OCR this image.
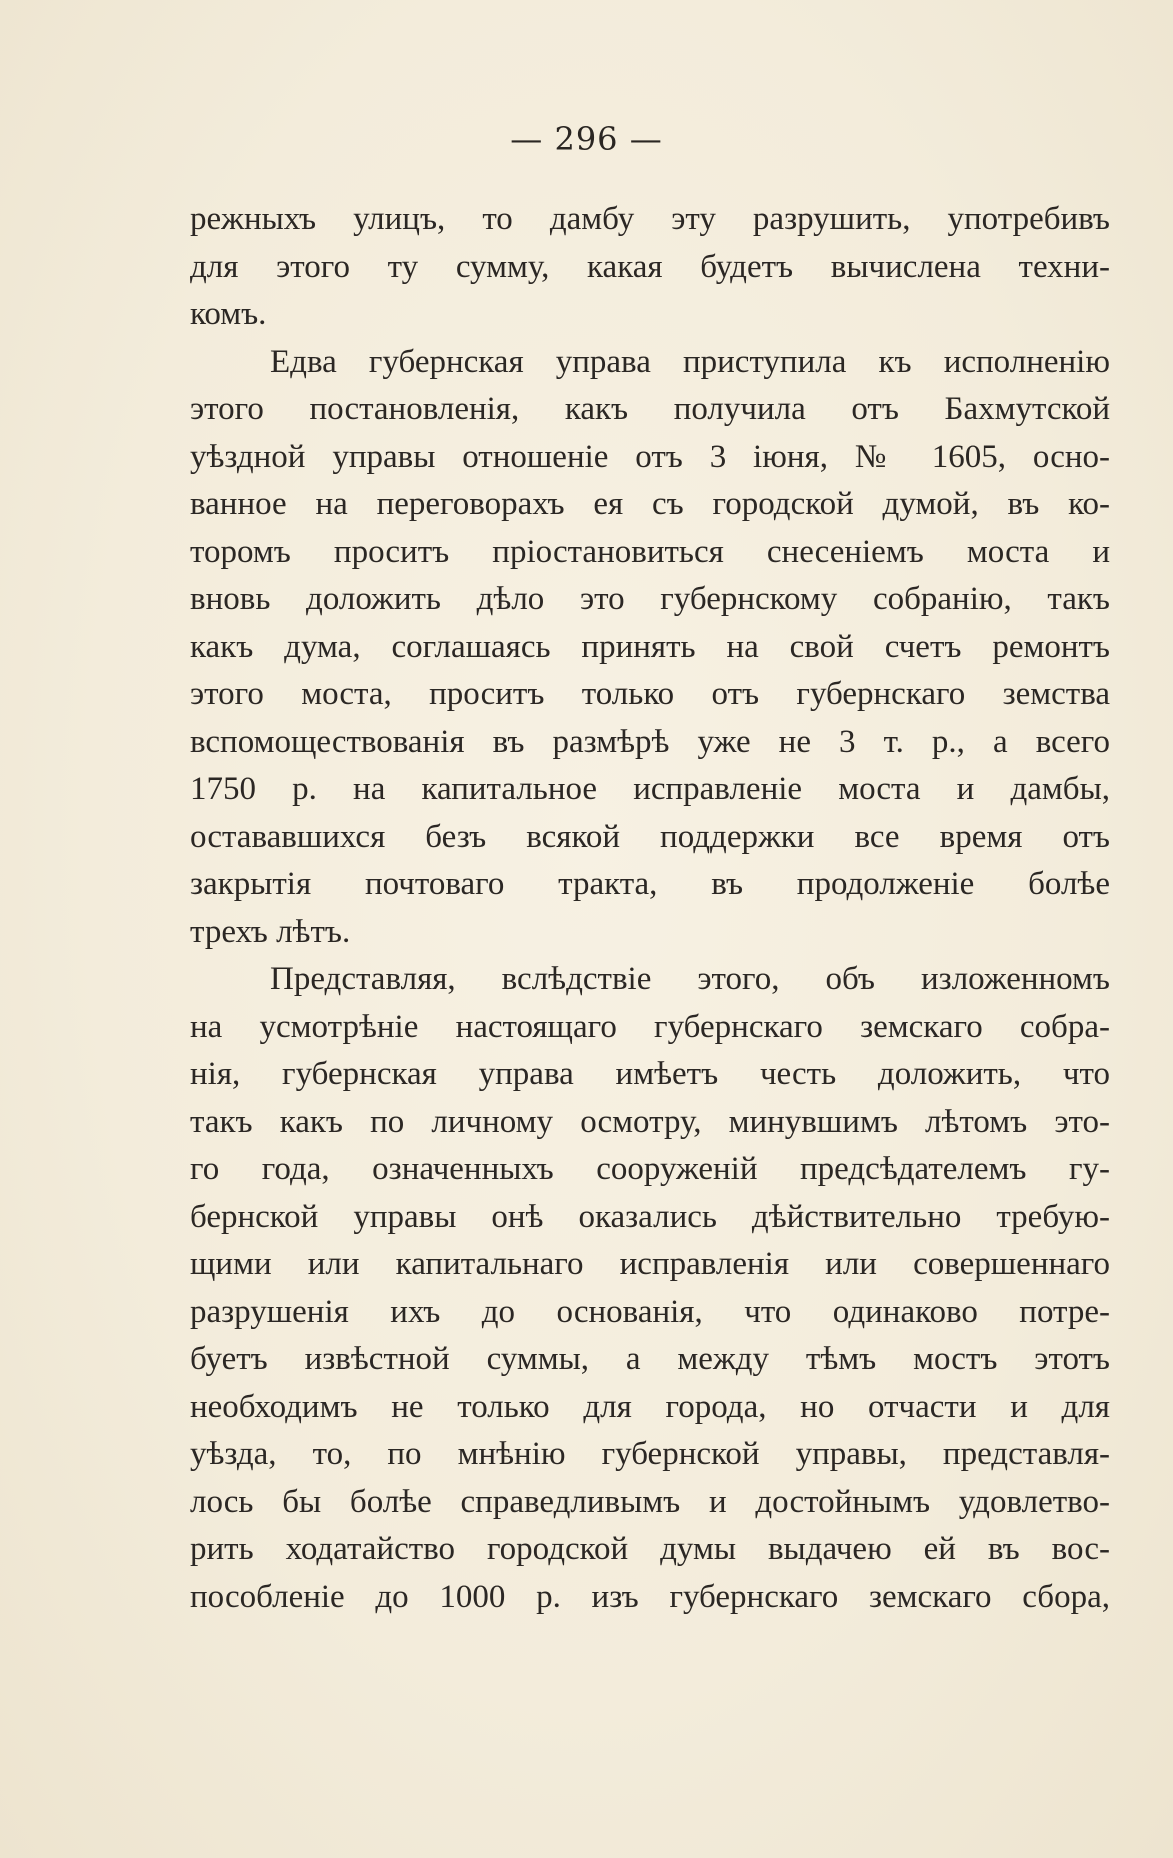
— 296 —
режныхъ улицъ, то дамбу эту разрушить, употребивъ
для этого ту сумму, какая будетъ вычислена техни-
комъ.
Едва губернская управа приступила къ исполненію
этого постановленія, какъ получила отъ Бахмутской
уѣздной управы отношеніе отъ 3 іюня, № 1605, осно-
ванное на переговорахъ ея съ городской думой, въ ко-
торомъ проситъ пріостановиться снесеніемъ моста и
вновь доложить дѣло это губернскому собранію, такъ
какъ дума, соглашаясь принять на свой счетъ ремонтъ
этого моста, проситъ только отъ губернскаго земства
вспомоществованія въ размѣрѣ уже не 3 т. р., а всего
1750 р. на капитальное исправленіе моста и дамбы,
остававшихся безъ всякой поддержки все время отъ
закрытія почтоваго тракта, въ продолженіе болѣе
трехъ лѣтъ.
Представляя, вслѣдствіе этого, объ изложенномъ
на усмотрѣніе настоящаго губернскаго земскаго собра-
нія, губернская управа имѣетъ честь доложить, что
такъ какъ по личному осмотру, минувшимъ лѣтомъ это-
го года, означенныхъ сооруженій предсѣдателемъ гу-
бернской управы онѣ оказались дѣйствительно требую-
щими или капитальнаго исправленія или совершеннаго
разрушенія ихъ до основанія, что одинаково потре-
буетъ извѣстной суммы, а между тѣмъ мостъ этотъ
необходимъ не только для города, но отчасти и для
уѣзда, то, по мнѣнію губернской управы, представля-
лось бы болѣе справедливымъ и достойнымъ удовлетво-
рить ходатайство городской думы выдачею ей въ вос-
пособленіе до 1000 р. изъ губернскаго земскаго сбора,
